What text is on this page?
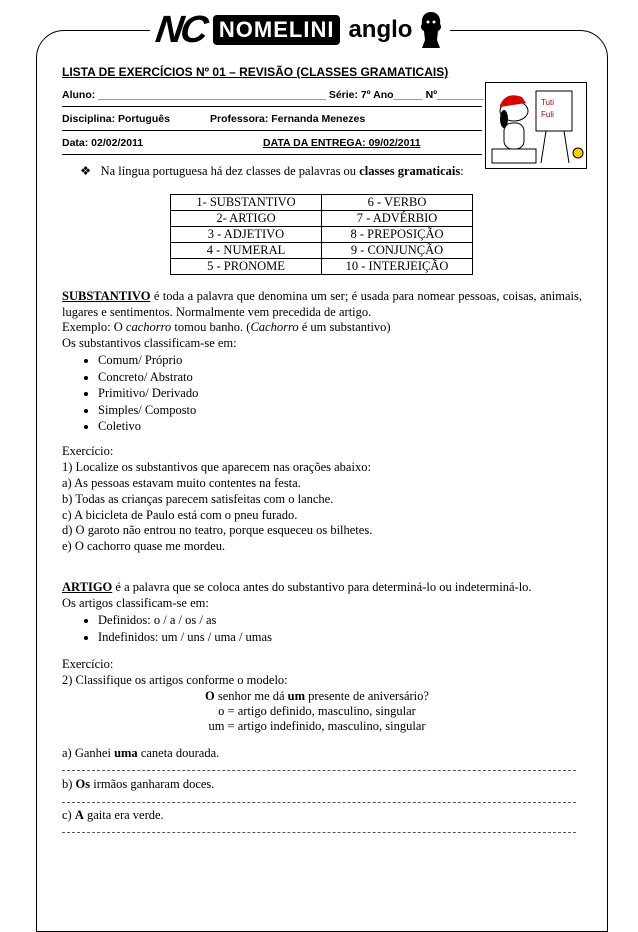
NC NOMELINI anglo
LISTA DE EXERCÍCIOS Nº 01 – REVISÃO (CLASSES GRAMATICAIS)
Aluno: _______________________________________ Série: 7º Ano_____ Nº________
Disciplina: Português	Professora: Fernanda Menezes
Data: 02/02/2011	DATA DA ENTREGA: 09/02/2011
Tuti
Fuli
❖ Na língua portuguesa há dez classes de palavras ou classes gramaticais:
1- SUBSTANTIVO	6 - VERBO
2- ARTIGO	7 - ADVÉRBIO
3 - ADJETIVO	8 - PREPOSIÇÃO
4 - NUMERAL	9 - CONJUNÇÃO
5 - PRONOME	10 - INTERJEIÇÃO
SUBSTANTIVO é toda a palavra que denomina um ser; é usada para nomear pessoas, coisas, animais, lugares e sentimentos. Normalmente vem precedida de artigo.
Exemplo: O cachorro tomou banho. (Cachorro é um substantivo)
Os substantivos classificam-se em:
• Comum/ Próprio
• Concreto/ Abstrato
• Primitivo/ Derivado
• Simples/ Composto
• Coletivo
Exercício:
1) Localize os substantivos que aparecem nas orações abaixo:
a) As pessoas estavam muito contentes na festa.
b) Todas as crianças parecem satisfeitas com o lanche.
c) A bicicleta de Paulo está com o pneu furado.
d) O garoto não entrou no teatro, porque esqueceu os bilhetes.
e) O cachorro quase me mordeu.
ARTIGO é a palavra que se coloca antes do substantivo para determiná-lo ou indeterminá-lo.
Os artigos classificam-se em:
• Definidos: o / a / os / as
• Indefinidos: um / uns / uma / umas
Exercício:
2) Classifique os artigos conforme o modelo:
O senhor me dá um presente de aniversário?
o = artigo definido, masculino, singular
um = artigo indefinido, masculino, singular
a) Ganhei uma caneta dourada.
b) Os irmãos ganharam doces.
c) A gaita era verde.
